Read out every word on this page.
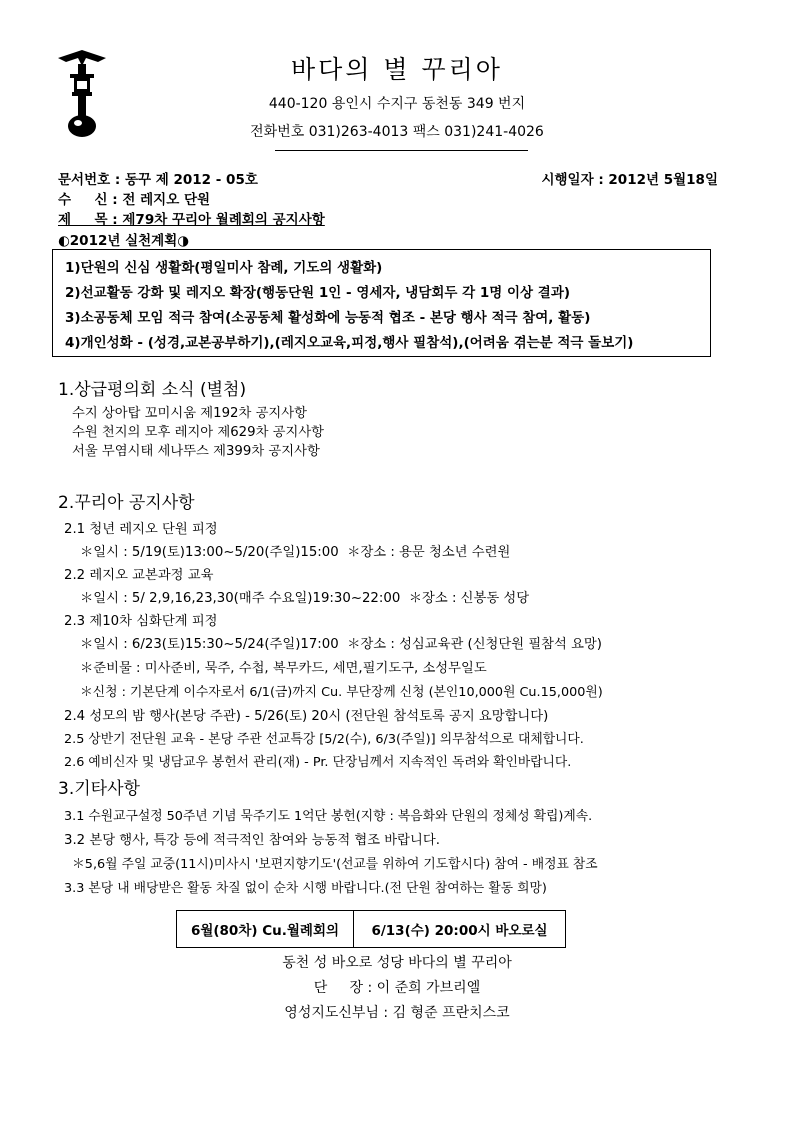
바다의 별 꾸리아
440-120 용인시 수지구 동천동 349 번지
전화번호 031)263-4013 팩스 031)241-4026
문서번호 : 동꾸 제 2012 - 05호	시행일자 : 2012년 5월18일
수     신 : 전 레지오 단원
제     목 : 제79차 꾸리아 월례회의 공지사항
◐2012년 실천계획◑
1)단원의 신심 생활화(평일미사 참례, 기도의 생활화)
2)선교활동 강화 및 레지오 확장(행동단원 1인 - 영세자, 냉담회두 각 1명 이상 결과)
3)소공동체 모임 적극 참여(소공동체 활성화에 능동적 협조 - 본당 행사 적극 참여, 활동)
4)개인성화 - (성경,교본공부하기),(레지오교육,피정,행사 필참석),(어려움 겪는분 적극 돌보기)
1.상급평의회 소식 (별첨)
수지 상아탑 꼬미시움 제192차 공지사항
수원 천지의 모후 레지아 제629차 공지사항
서울 무염시태 세나뚜스 제399차 공지사항
2.꾸리아 공지사항
2.1 청년 레지오 단원 피정
＊일시 : 5/19(토)13:00~5/20(주일)15:00  ＊장소 : 용문 청소년 수련원
2.2 레지오 교본과정 교육
＊일시 : 5/ 2,9,16,23,30(매주 수요일)19:30~22:00  ＊장소 : 신봉동 성당
2.3 제10차 심화단계 피정
＊일시 : 6/23(토)15:30~5/24(주일)17:00  ＊장소 : 성심교육관 (신청단원 필참석 요망)
＊준비물 : 미사준비, 묵주, 수첩, 복무카드, 세면,필기도구, 소성무일도
＊신청 : 기본단계 이수자로서 6/1(금)까지 Cu. 부단장께 신청 (본인10,000원 Cu.15,000원)
2.4 성모의 밤 행사(본당 주관) - 5/26(토) 20시 (전단원 참석토록 공지 요망합니다)
2.5 상반기 전단원 교육 - 본당 주관 선교특강 [5/2(수), 6/3(주일)] 의무참석으로 대체합니다.
2.6 예비신자 및 냉담교우 봉헌서 관리(재) - Pr. 단장님께서 지속적인 독려와 확인바랍니다.
3.기타사항
3.1 수원교구설정 50주년 기념 묵주기도 1억단 봉헌(지향 : 복음화와 단원의 정체성 확립)계속.
3.2 본당 행사, 특강 등에 적극적인 참여와 능동적 협조 바랍니다.
＊5,6월 주일 교중(11시)미사시 '보편지향기도'(선교를 위하여 기도합시다) 참여 - 배정표 참조
3.3 본당 내 배당받은 활동 차질 없이 순차 시행 바랍니다.(전 단원 참여하는 활동 희망)
6월(80차) Cu.월례회의	6/13(수) 20:00시 바오로실
동천 성 바오로 성당 바다의 별 꾸리아
단     장 : 이 준희 가브리엘
영성지도신부님 : 김 형준 프란치스코
